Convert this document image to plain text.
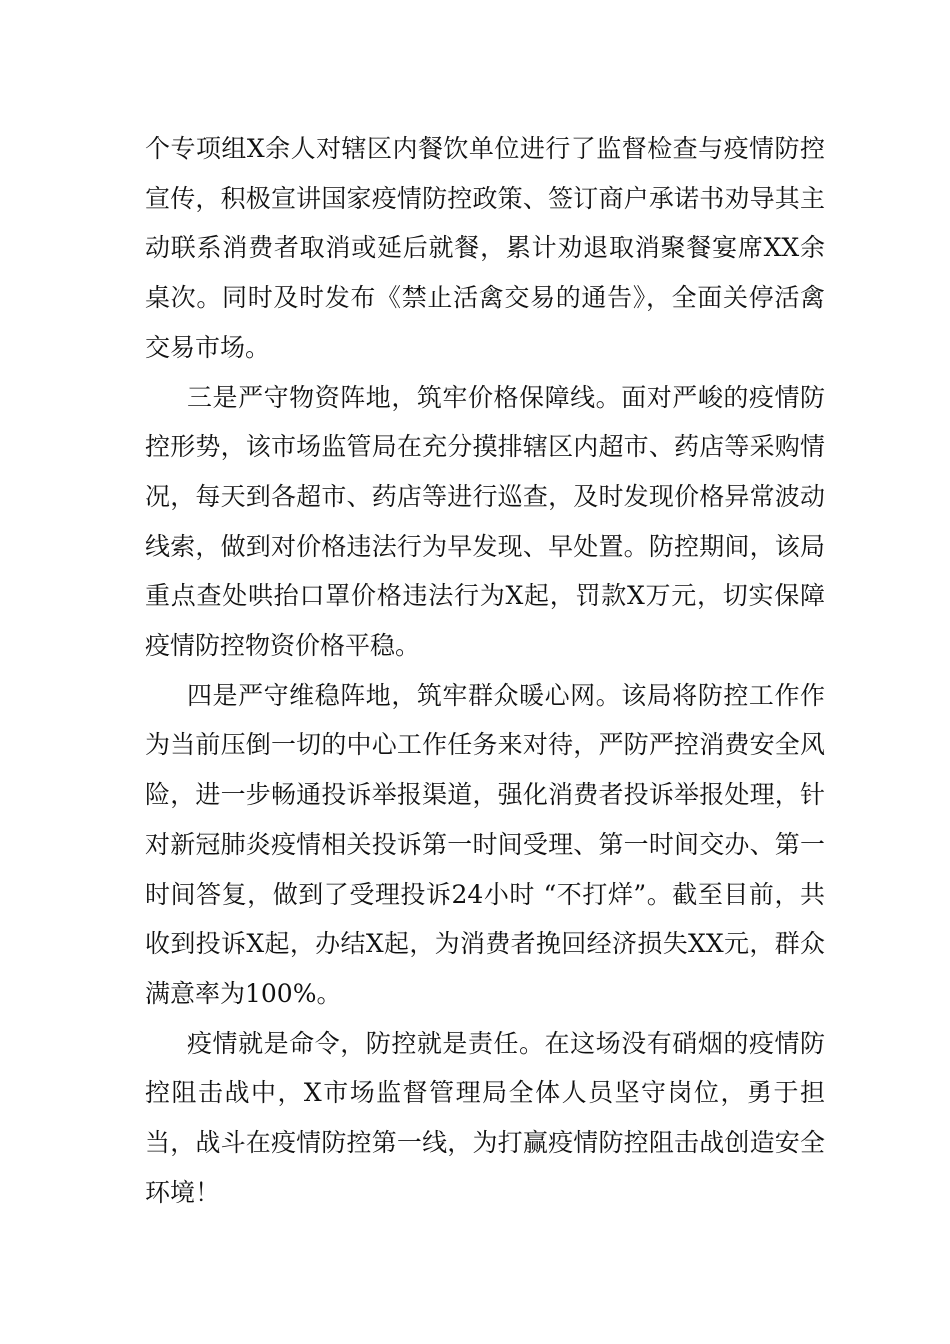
个专项组X余人对辖区内餐饮单位进行了监督检查与疫情防控宣传，积极宣讲国家疫情防控政策、签订商户承诺书劝导其主动联系消费者取消或延后就餐，累计劝退取消聚餐宴席XX余桌次。同时及时发布《禁止活禽交易的通告》，全面关停活禽交易市场。

三是严守物资阵地，筑牢价格保障线。面对严峻的疫情防控形势，该市场监管局在充分摸排辖区内超市、药店等采购情况，每天到各超市、药店等进行巡查，及时发现价格异常波动线索，做到对价格违法行为早发现、早处置。防控期间，该局重点查处哄抬口罩价格违法行为X起，罚款X万元，切实保障疫情防控物资价格平稳。

四是严守维稳阵地，筑牢群众暖心网。该局将防控工作作为当前压倒一切的中心工作任务来对待，严防严控消费安全风险，进一步畅通投诉举报渠道，强化消费者投诉举报处理，针对新冠肺炎疫情相关投诉第一时间受理、第一时间交办、第一时间答复，做到了受理投诉24小时 “不打烊”。截至目前，共收到投诉X起，办结X起，为消费者挽回经济损失XX元，群众满意率为100%。

疫情就是命令，防控就是责任。在这场没有硝烟的疫情防控阻击战中，X市场监督管理局全体人员坚守岗位，勇于担当，战斗在疫情防控第一线，为打赢疫情防控阻击战创造安全环境！
